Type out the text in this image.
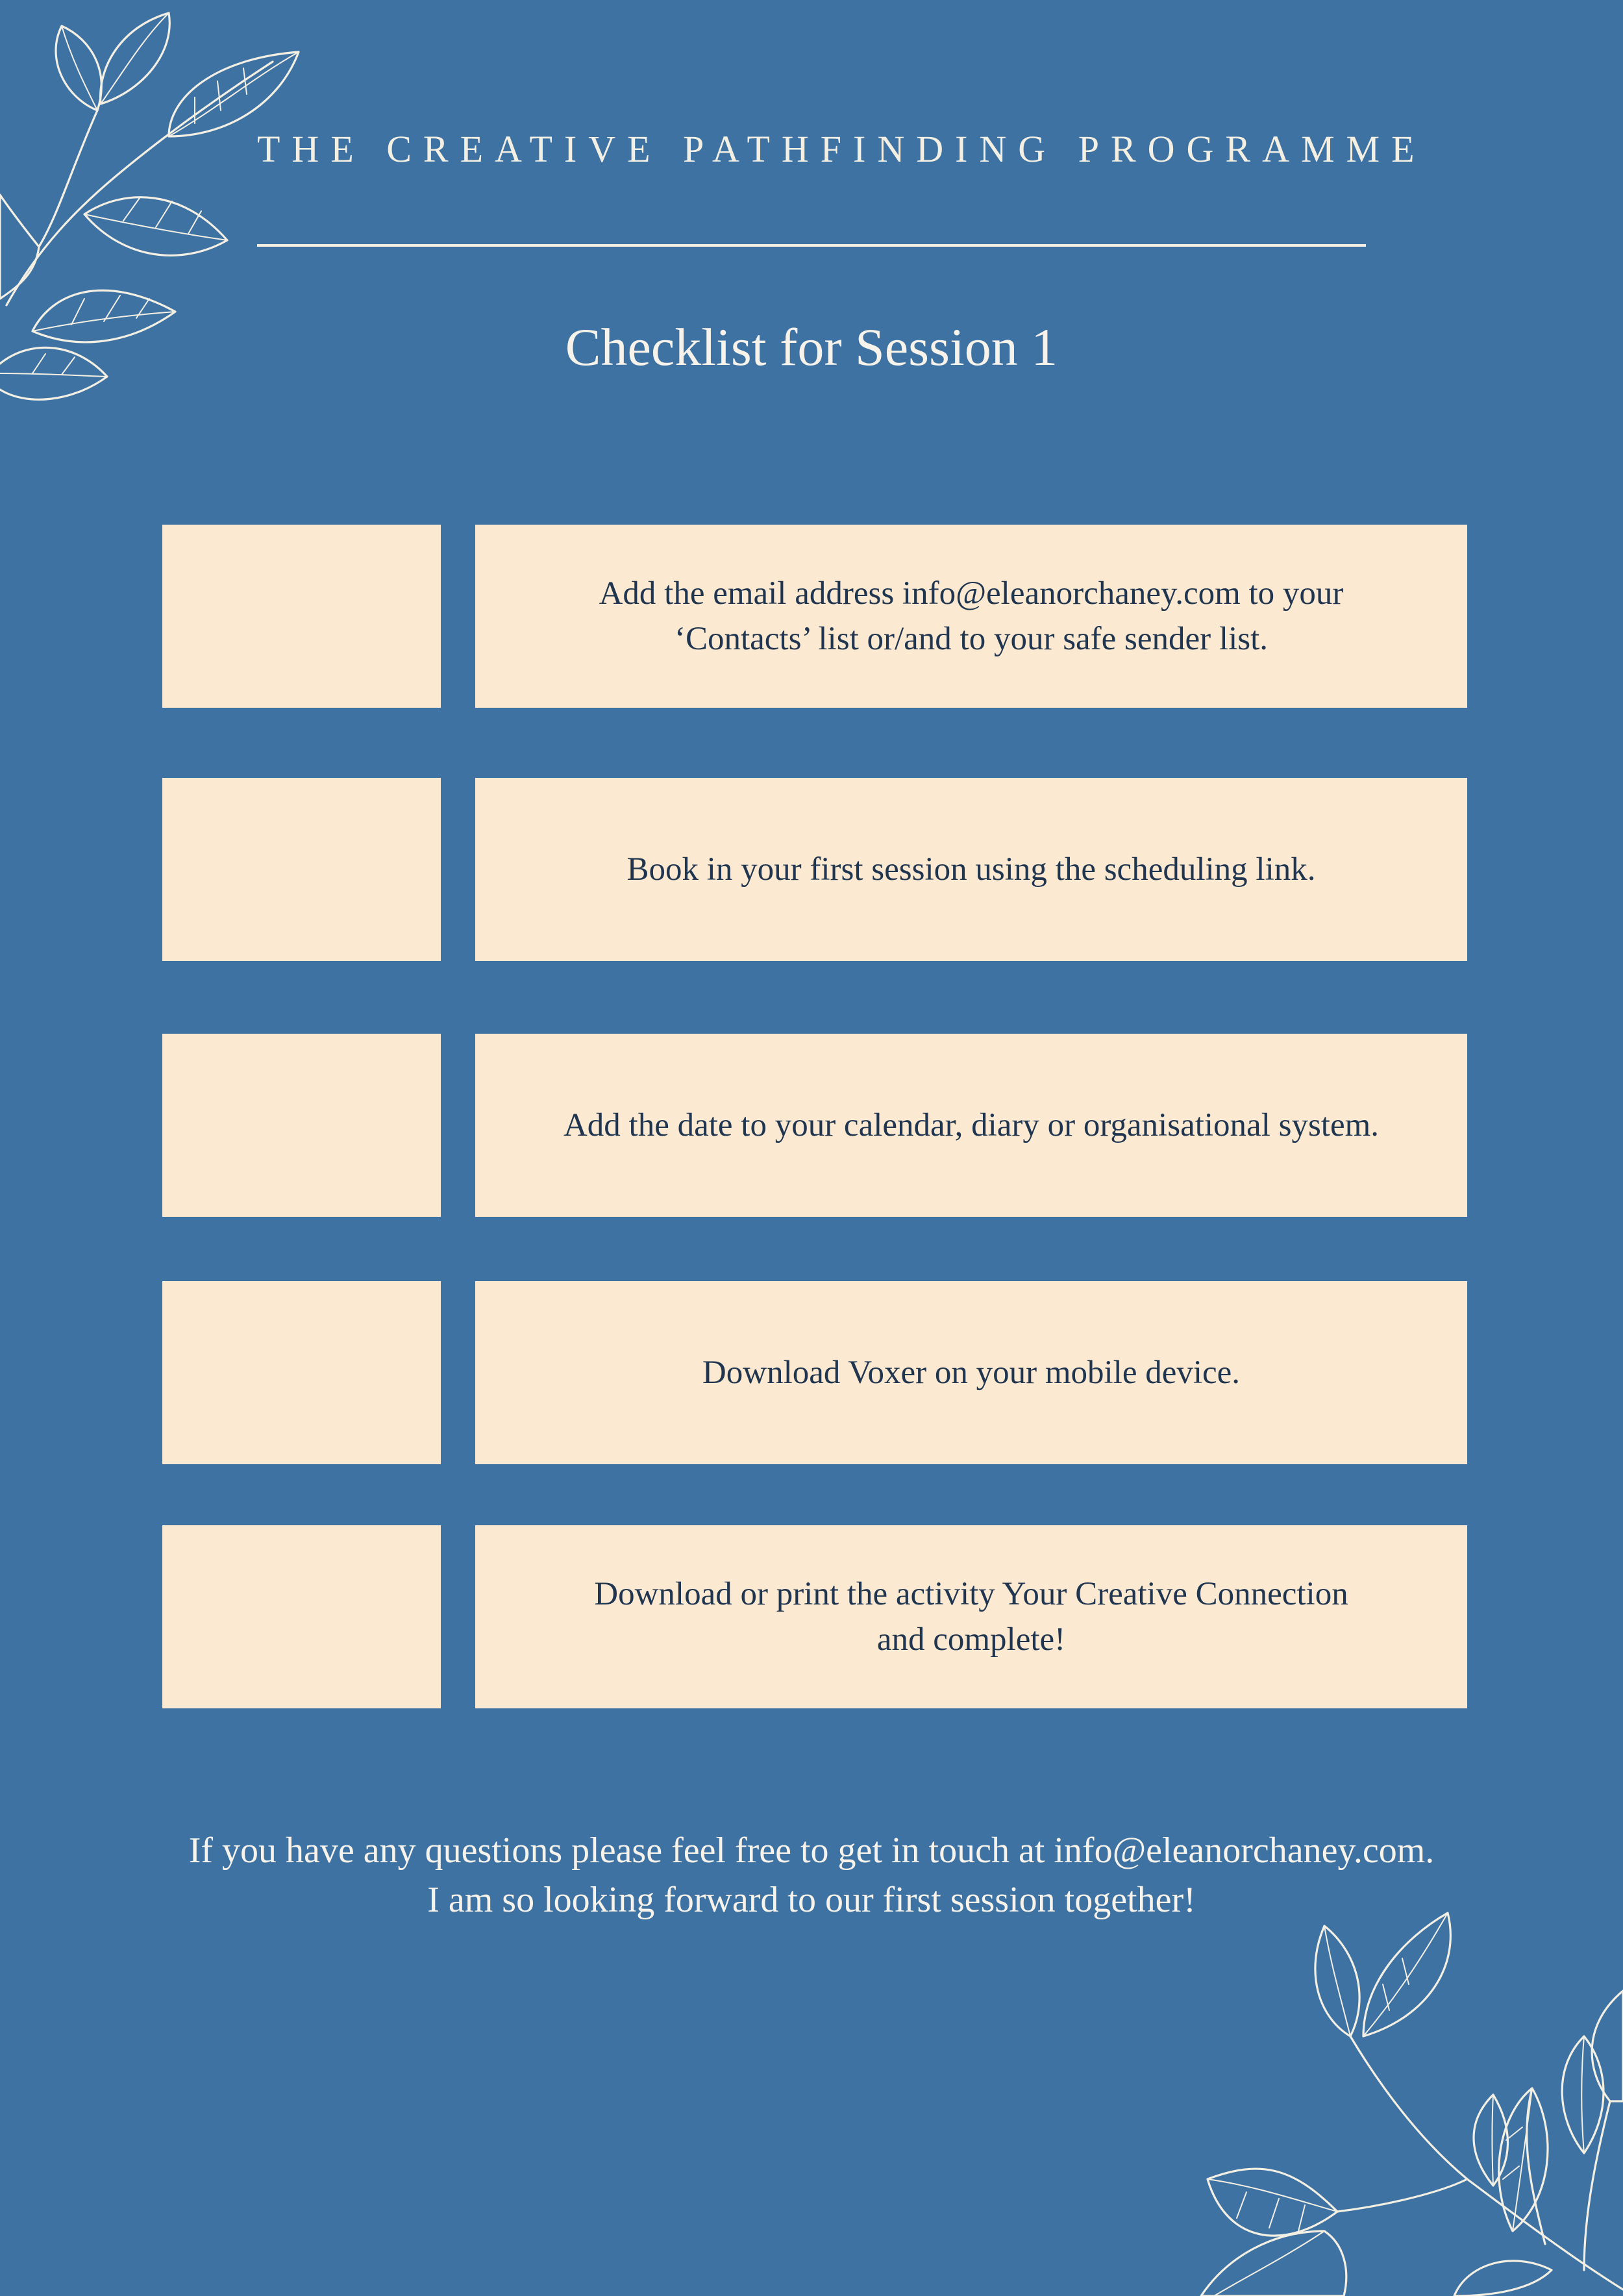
THE CREATIVE PATHFINDING PROGRAMME
Checklist for Session 1
Add the email address info@eleanorchaney.com to your
‘Contacts’ list or/and to your safe sender list.
Book in your first session using the scheduling link.
Add the date to your calendar, diary or organisational system.
Download Voxer on your mobile device.
Download or print the activity Your Creative Connection
and complete!
If you have any questions please feel free to get in touch at info@eleanorchaney.com.
I am so looking forward to our first session together!
